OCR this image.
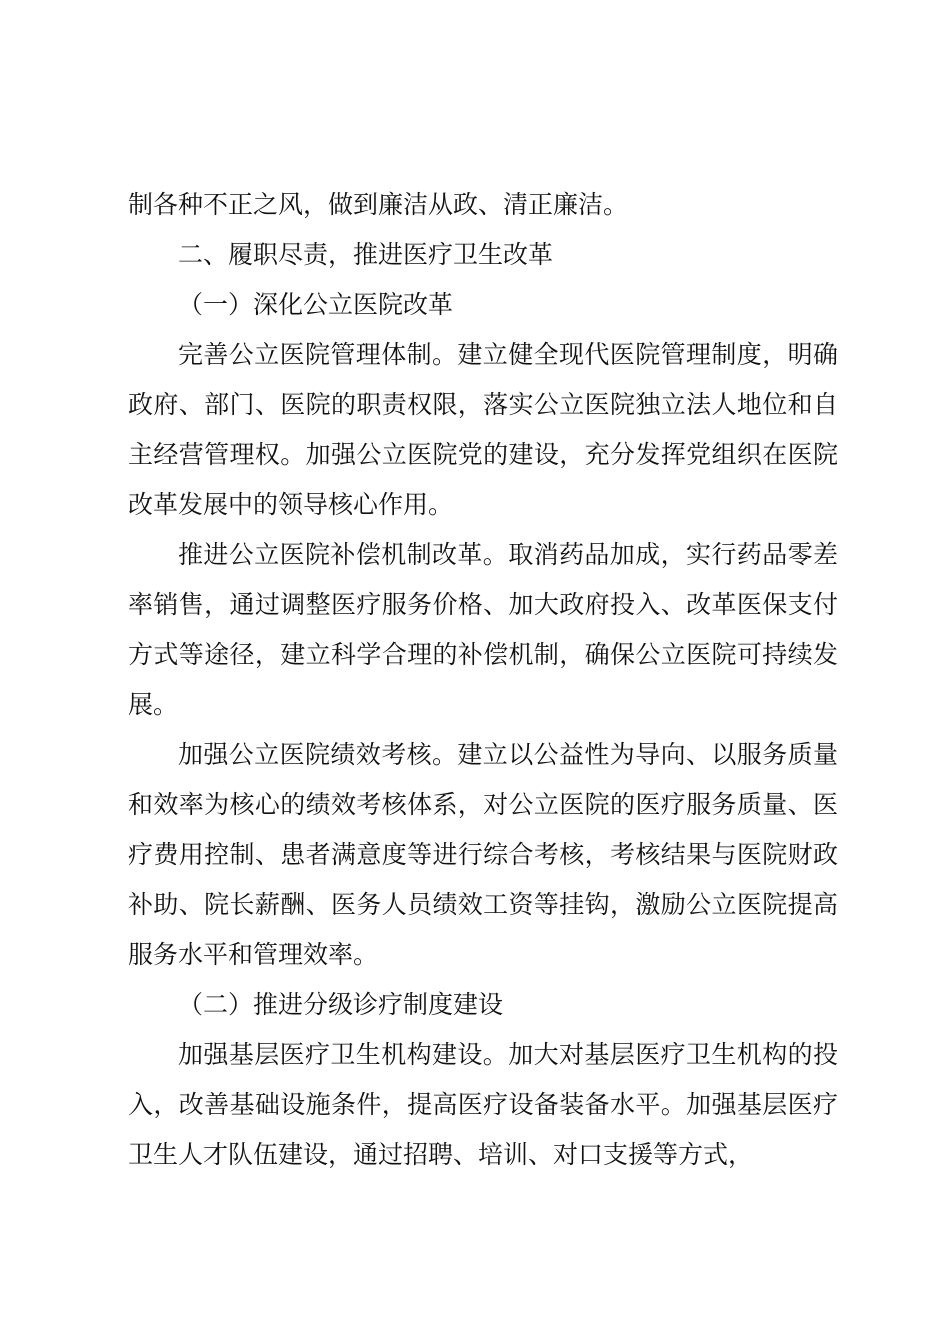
制各种不正之风，做到廉洁从政、清正廉洁。

二、履职尽责，推进医疗卫生改革

（一）深化公立医院改革

完善公立医院管理体制。建立健全现代医院管理制度，明确政府、部门、医院的职责权限，落实公立医院独立法人地位和自主经营管理权。加强公立医院党的建设，充分发挥党组织在医院改革发展中的领导核心作用。

推进公立医院补偿机制改革。取消药品加成，实行药品零差率销售，通过调整医疗服务价格、加大政府投入、改革医保支付方式等途径，建立科学合理的补偿机制，确保公立医院可持续发展。

加强公立医院绩效考核。建立以公益性为导向、以服务质量和效率为核心的绩效考核体系，对公立医院的医疗服务质量、医疗费用控制、患者满意度等进行综合考核，考核结果与医院财政补助、院长薪酬、医务人员绩效工资等挂钩，激励公立医院提高服务水平和管理效率。

（二）推进分级诊疗制度建设

加强基层医疗卫生机构建设。加大对基层医疗卫生机构的投入，改善基础设施条件，提高医疗设备装备水平。加强基层医疗卫生人才队伍建设，通过招聘、培训、对口支援等方式，
